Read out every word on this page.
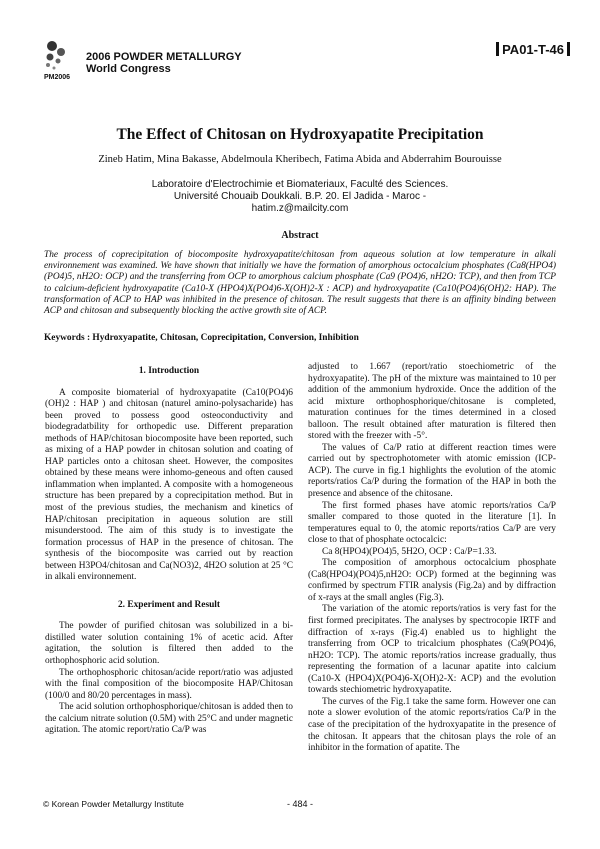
PM2006
2006 POWDER METALLURGY
World Congress
PA01-T-46
The Effect of Chitosan on Hydroxyapatite Precipitation
Zineb Hatim, Mina Bakasse, Abdelmoula Kheribech, Fatima Abida and Abderrahim Bourouisse
Laboratoire d'Electrochimie et Biomateriaux, Faculté des Sciences.
Université Chouaib Doukkali. B.P. 20. El Jadida - Maroc -
hatim.z@mailcity.com
Abstract
The process of coprecipitation of biocomposite hydroxyapatite/chitosan from aqueous solution at low temperature in alkali environnement was examined. We have shown that initially we have the formation of amorphous octocalcium phosphates (Ca8(HPO4)(PO4)5, nH2O: OCP) and the transferring from OCP to amorphous calcium phosphate (Ca9 (PO4)6, nH2O: TCP), and then from TCP to calcium-deficient hydroxyapatite (Ca10-X (HPO4)X(PO4)6-X(OH)2-X : ACP) and hydroxyapatite (Ca10(PO4)6(OH)2: HAP). The transformation of ACP to HAP was inhibited in the presence of chitosan. The result suggests that there is an affinity binding between ACP and chitosan and subsequently blocking the active growth site of ACP.
Keywords : Hydroxyapatite, Chitosan, Coprecipitation, Conversion, Inhibition
1. Introduction

A composite biomaterial of hydroxyapatite (Ca10(PO4)6 (OH)2 : HAP ) and chitosan (naturel amino-polysacharide) has been proved to possess good osteoconductivity and biodegradatbility for orthopedic use. Different preparation methods of HAP/chitosan biocomposite have been reported, such as mixing of a HAP powder in chitosan solution and coating of HAP particles onto a chitosan sheet. However, the composites obtained by these means were inhomo-geneous and often caused inflammation when implanted. A composite with a homogeneous structure has been prepared by a coprecipitation method. But in most of the previous studies, the mechanism and kinetics of HAP/chitosan precipitation in aqueous solution are still misunderstood. The aim of this study is to investigate the formation processus of HAP in the presence of chitosan. The synthesis of the biocomposite was carried out by reaction between H3PO4/chitosan and Ca(NO3)2, 4H2O solution at 25 °C in alkali environnement.

2. Experiment and Result

The powder of purified chitosan was solubilized in a bi-distilled water solution containing 1% of acetic acid. After agitation, the solution is filtered then added to the orthophosphoric acid solution.

The orthophosphoric chitosan/acide report/ratio was adjusted with the final composition of the biocomposite HAP/Chitosan (100/0 and 80/20 percentages in mass).

The acid solution orthophosphorique/chitosan is added then to the calcium nitrate solution (0.5M) with 25°C and under magnetic agitation. The atomic report/ratio Ca/P was

adjusted to 1.667 (report/ratio stoechiometric of the hydroxyapatite). The pH of the mixture was maintained to 10 per addition of the ammonium hydroxide. Once the addition of the acid mixture orthophosphorique/chitosane is completed, maturation continues for the times determined in a closed balloon. The result obtained after maturation is filtered then stored with the freezer with -5°.

The values of Ca/P ratio at different reaction times were carried out by spectrophotometer with atomic emission (ICP-ACP). The curve in fig.1 highlights the evolution of the atomic reports/ratios Ca/P during the formation of the HAP in both the presence and absence of the chitosane.

The first formed phases have atomic reports/ratios Ca/P smaller compared to those quoted in the literature [1]. In temperatures equal to 0, the atomic reports/ratios Ca/P are very close to that of phosphate octocalcic:

Ca 8(HPO4)(PO4)5, 5H2O, OCP : Ca/P=1.33.

The composition of amorphous octocalcium phosphate (Ca8(HPO4)(PO4)5,nH2O: OCP) formed at the beginning was confirmed by spectrum FTIR analysis (Fig.2a) and by diffraction of x-rays at the small angles (Fig.3).

The variation of the atomic reports/ratios is very fast for the first formed precipitates. The analyses by spectrocopie IRTF and diffraction of x-rays (Fig.4) enabled us to highlight the transferring from OCP to tricalcium phosphates (Ca9(PO4)6, nH2O: TCP). The atomic reports/ratios increase gradually, thus representing the formation of a lacunar apatite into calcium (Ca10-X (HPO4)X(PO4)6-X(OH)2-X: ACP) and the evolution towards stechiometric hydroxyapatite.

The curves of the Fig.1 take the same form. However one can note a slower evolution of the atomic reports/ratios Ca/P in the case of the precipitation of the hydroxyapatite in the presence of the chitosan. It appears that the chitosan plays the role of an inhibitor in the formation of apatite. The

© Korean Powder Metallurgy Institute	- 484 -
